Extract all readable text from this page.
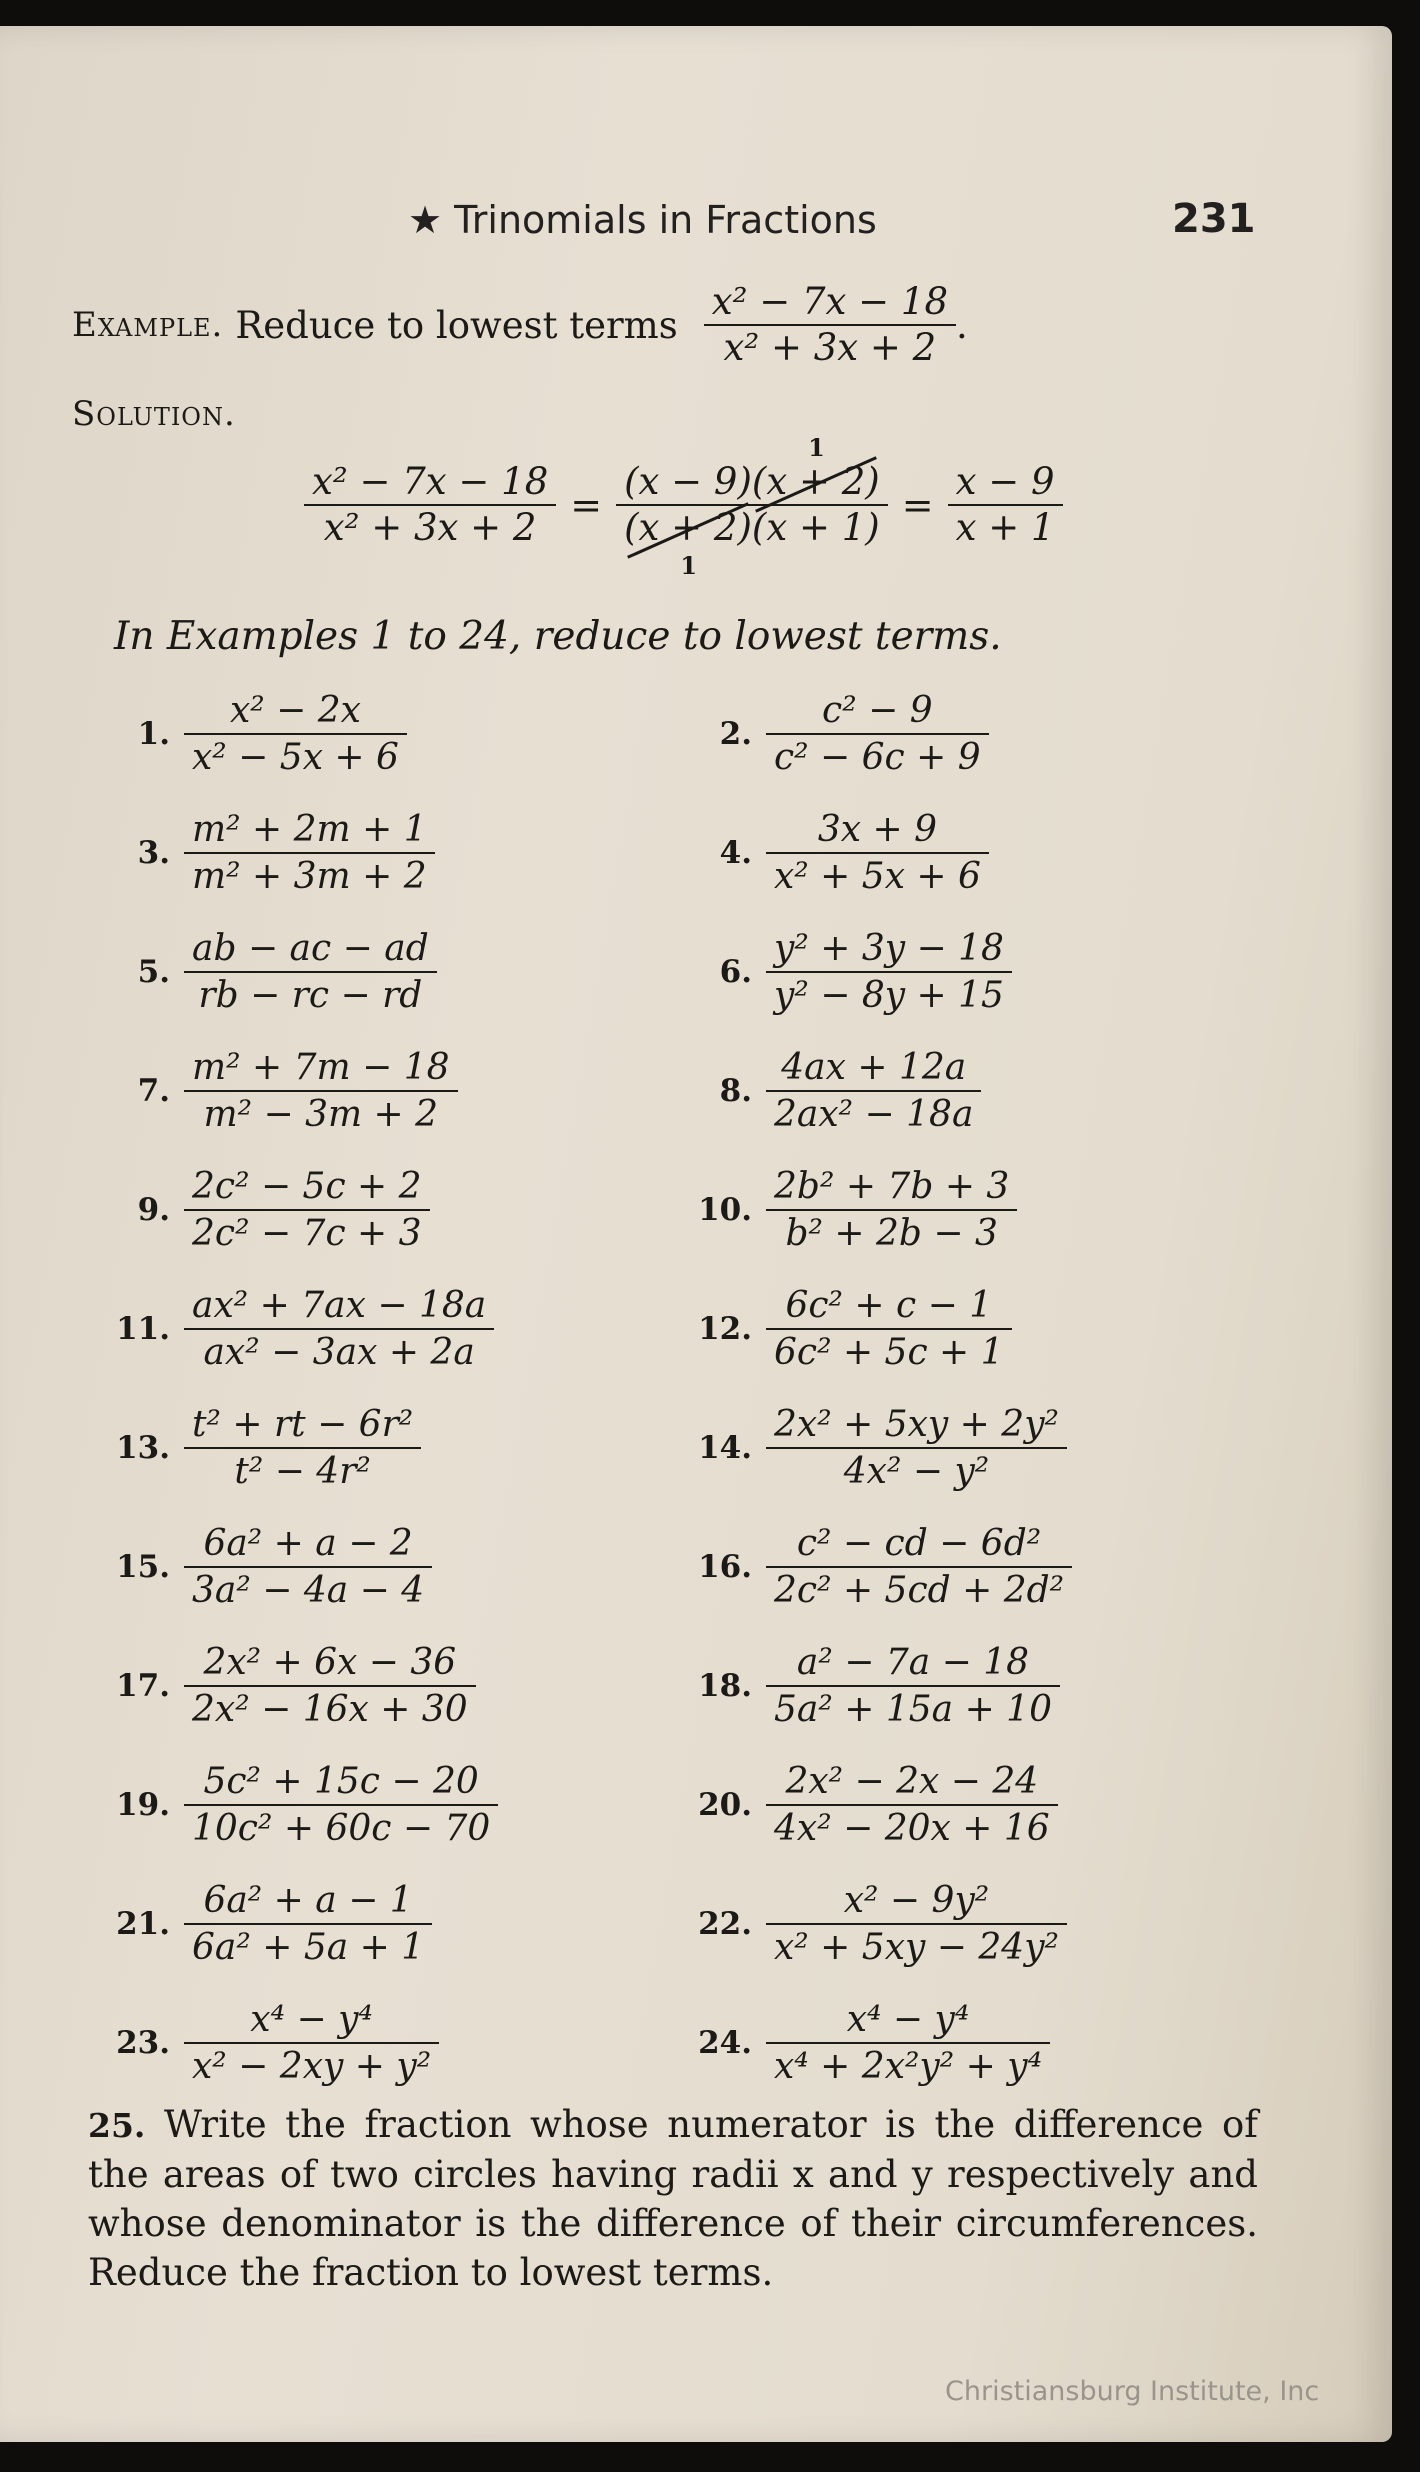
★ Trinomials in Fractions	231
Example. Reduce to lowest terms $\frac{\text{x² − 7x − 18}}{\text{x² + 3x + 2}}$ .
Solution.
$\frac{\text{x² − 7x − 18}}{\text{x² + 3x + 2}} = (x - 9)(x + 2)$
1
(x + 2)
1
$(x + 1) = \frac{x - 9}{x + 1}$
In Examples 1 to 24, reduce to lowest terms.
1. $\frac{\text{x² − 2x}}{\text{x² − 5x + 6}}$	2. $\frac{\text{c² − 9}}{\text{c² − 6c + 9}}$
3. $\frac{\text{m² + 2m + 1}}{\text{m² + 3m + 2}}$	4. $\frac{3x + 9}{\text{x² + 5x + 6}}$
5. $\frac{ab - ac - ad}{rb - rc - rd}$	6. $\frac{\text{y² + 3y − 18}}{\text{y² − 8y + 15}}$
7. $\frac{\text{m² + 7m − 18}}{\text{m² − 3m + 2}}$	8. $\frac{4ax + 12a}{\text{2ax² − 18a}}$
9. $\frac{\text{2c² − 5c + 2}}{\text{2c² − 7c + 3}}$	10. $\frac{\text{2b² + 7b + 3}}{\text{b² + 2b − 3}}$
11. $\frac{\text{ax² + 7ax − 18a}}{\text{ax² − 3ax + 2a}}$	12. $\frac{\text{6c² + c − 1}}{\text{6c² + 5c + 1}}$
13. $\frac{\text{t² + rt − 6r²}}{\text{t² − 4r²}}$	14. $\frac{\text{2x² + 5xy + 2y²}}{\text{4x² − y²}}$
15. $\frac{\text{6a² + a − 2}}{\text{3a² − 4a − 4}}$	16. $\frac{\text{c² − cd − 6d²}}{\text{2c² + 5cd + 2d²}}$
17. $\frac{\text{2x² + 6x − 36}}{\text{2x² − 16x + 30}}$	18. $\frac{\text{a² − 7a − 18}}{\text{5a² + 15a + 10}}$
19. $\frac{\text{5c² + 15c − 20}}{\text{10c² + 60c − 70}}$	20. $\frac{\text{2x² − 2x − 24}}{\text{4x² − 20x + 16}}$
21. $\frac{\text{6a² + a − 1}}{\text{6a² + 5a + 1}}$	22. $\frac{\text{x² − 9y²}}{\text{x² + 5xy − 24y²}}$
23. $\frac{\text{x⁴ − y⁴}}{\text{x² − 2xy + y²}}$	24. $\frac{\text{x⁴ − y⁴}}{\text{x⁴ + 2x²y² + y⁴}}$
25. Write the fraction whose numerator is the difference of the areas of two circles having radii x and y respectively and whose denominator is the difference of their circumferences. Reduce the fraction to lowest terms.
Christiansburg Institute, Inc
